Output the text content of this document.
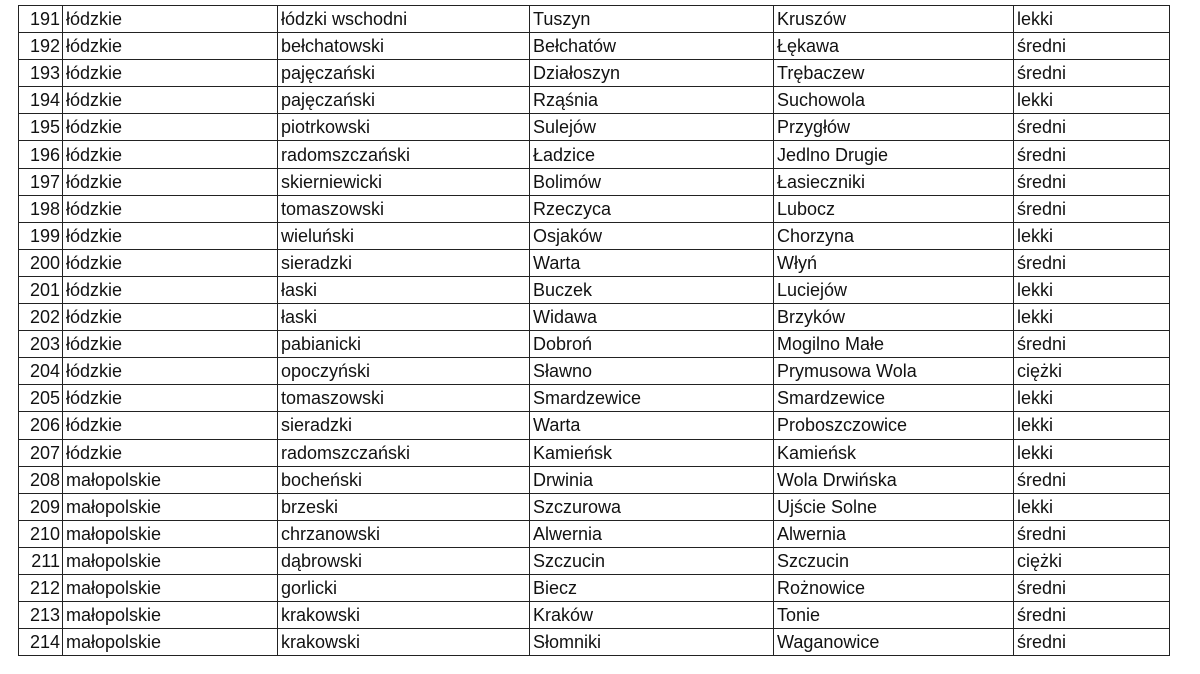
191	łódzkie	łódzki wschodni	Tuszyn	Kruszów	lekki
192	łódzkie	bełchatowski	Bełchatów	Łękawa	średni
193	łódzkie	pajęczański	Działoszyn	Trębaczew	średni
194	łódzkie	pajęczański	Rząśnia	Suchowola	lekki
195	łódzkie	piotrkowski	Sulejów	Przygłów	średni
196	łódzkie	radomszczański	Ładzice	Jedlno Drugie	średni
197	łódzkie	skierniewicki	Bolimów	Łasieczniki	średni
198	łódzkie	tomaszowski	Rzeczyca	Lubocz	średni
199	łódzkie	wieluński	Osjaków	Chorzyna	lekki
200	łódzkie	sieradzki	Warta	Włyń	średni
201	łódzkie	łaski	Buczek	Luciejów	lekki
202	łódzkie	łaski	Widawa	Brzyków	lekki
203	łódzkie	pabianicki	Dobroń	Mogilno Małe	średni
204	łódzkie	opoczyński	Sławno	Prymusowa Wola	ciężki
205	łódzkie	tomaszowski	Smardzewice	Smardzewice	lekki
206	łódzkie	sieradzki	Warta	Proboszczowice	lekki
207	łódzkie	radomszczański	Kamieńsk	Kamieńsk	lekki
208	małopolskie	bocheński	Drwinia	Wola Drwińska	średni
209	małopolskie	brzeski	Szczurowa	Ujście Solne	lekki
210	małopolskie	chrzanowski	Alwernia	Alwernia	średni
211	małopolskie	dąbrowski	Szczucin	Szczucin	ciężki
212	małopolskie	gorlicki	Biecz	Rożnowice	średni
213	małopolskie	krakowski	Kraków	Tonie	średni
214	małopolskie	krakowski	Słomniki	Waganowice	średni
